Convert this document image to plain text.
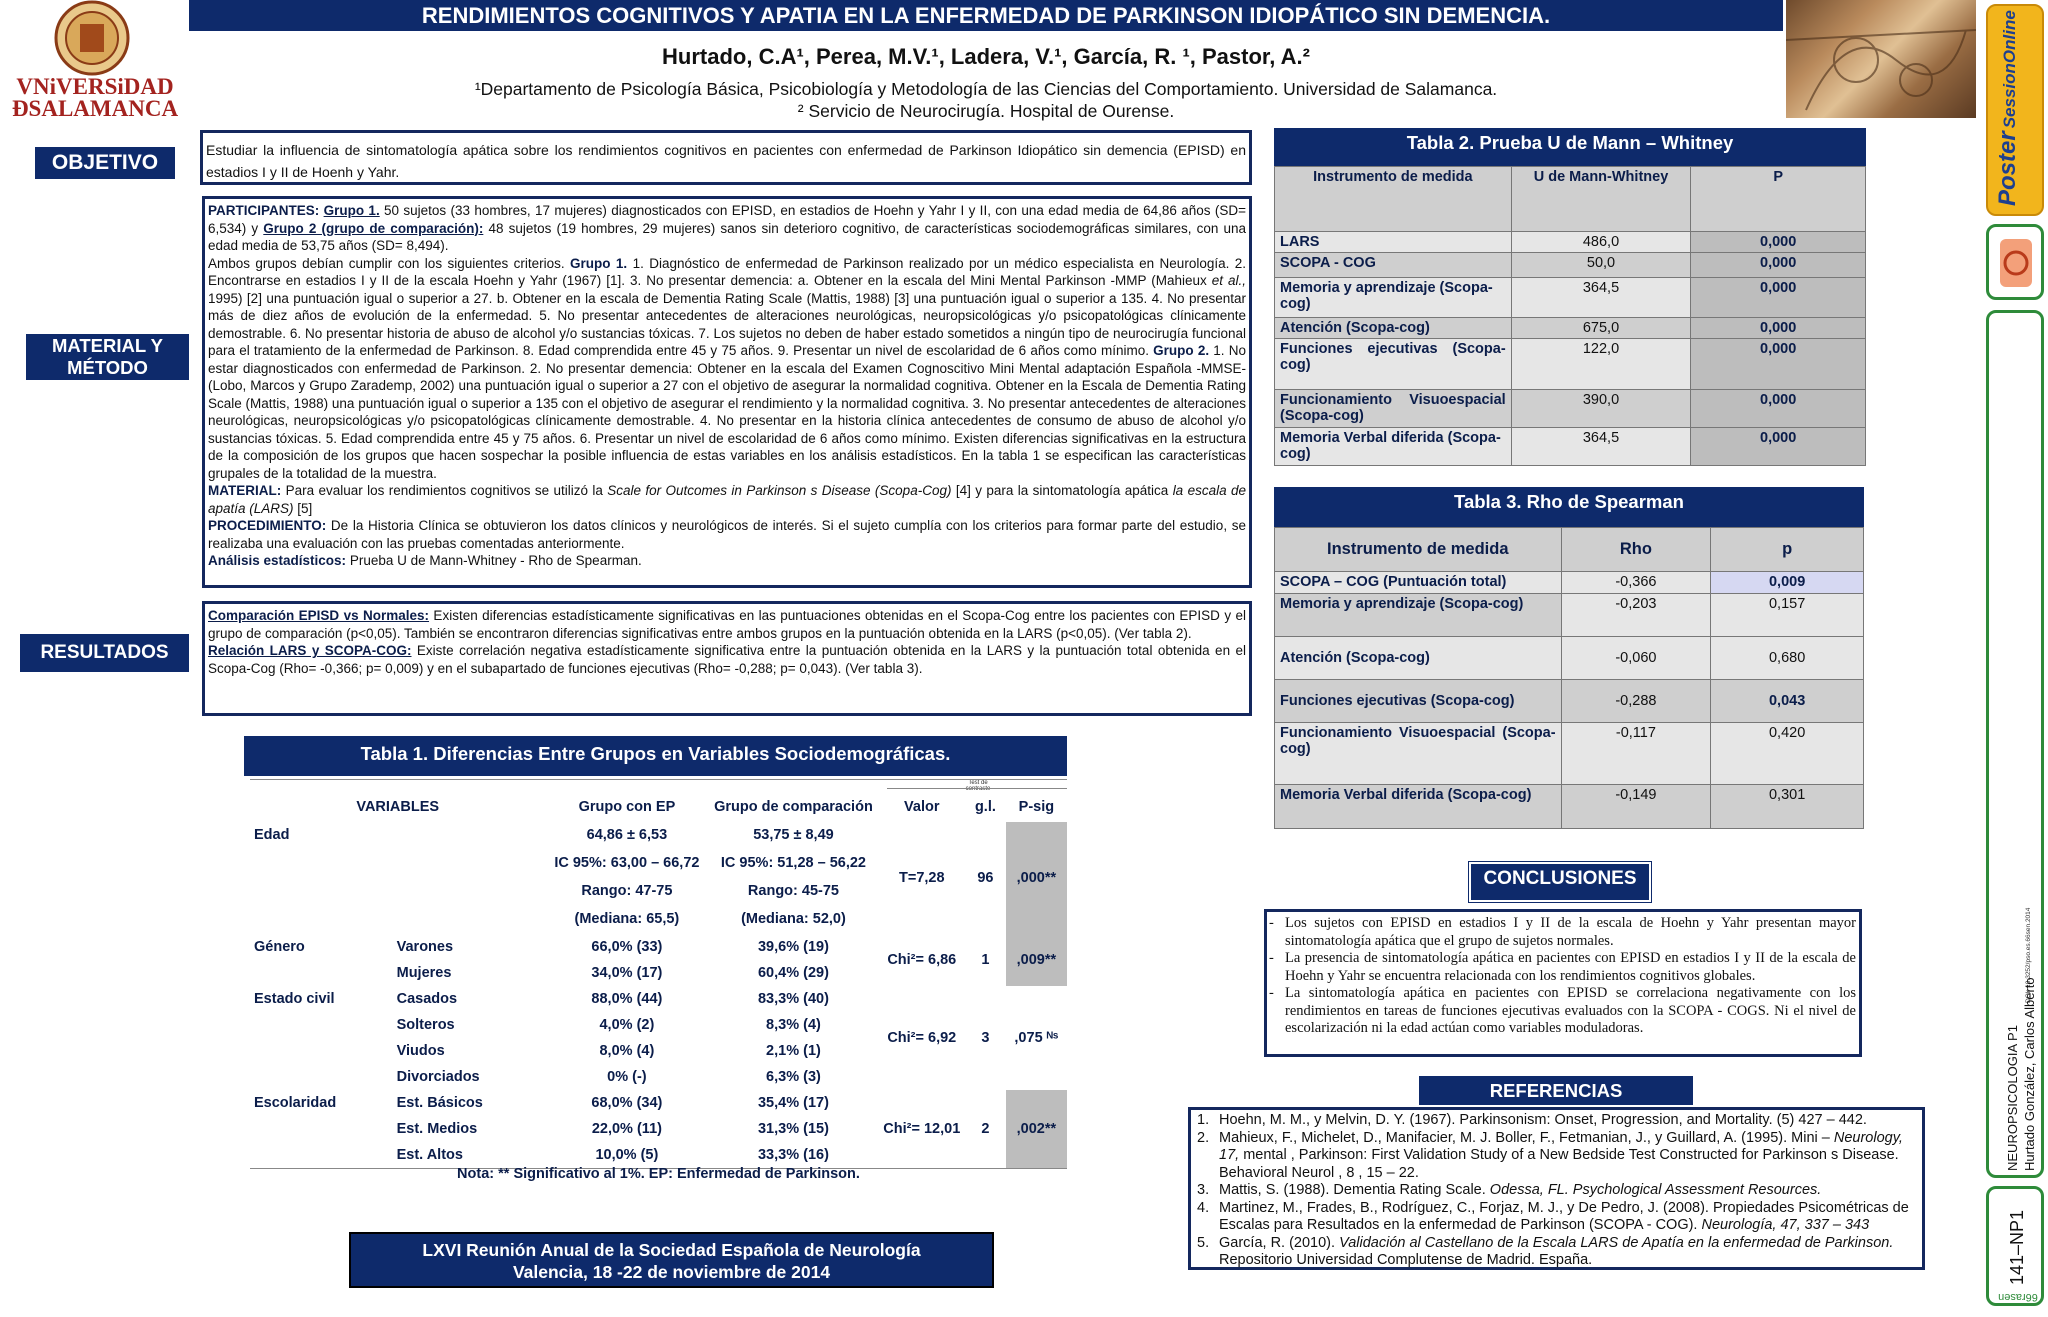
VNiVERSiDAD
ÐSALAMANCA
RENDIMIENTOS COGNITIVOS Y APATIA EN LA ENFERMEDAD DE PARKINSON IDIOPÁTICO SIN DEMENCIA.
Hurtado, C.A¹, Perea, M.V.¹, Ladera, V.¹, García, R. ¹, Pastor, A.²
¹Departamento de Psicología Básica, Psicobiología y Metodología de las Ciencias del Comportamiento. Universidad de Salamanca.
² Servicio de Neurocirugía. Hospital de Ourense.
OBJETIVO
MATERIAL Y
MÉTODO
RESULTADOS
Estudiar la influencia de sintomatología apática sobre los rendimientos cognitivos en pacientes con enfermedad de Parkinson Idiopático sin demencia (EPISD) en estadios I y II de Hoenh y Yahr.
PARTICIPANTES: Grupo 1. 50 sujetos (33 hombres, 17 mujeres) diagnosticados con EPISD, en estadios de Hoehn y Yahr I y II, con una edad media de 64,86 años (SD= 6,534) y Grupo 2 (grupo de comparación): 48 sujetos (19 hombres, 29 mujeres) sanos sin deterioro cognitivo, de características sociodemográficas similares, con una edad media de 53,75 años (SD= 8,494).
Ambos grupos debían cumplir con los siguientes criterios. Grupo 1. 1. Diagnóstico de enfermedad de Parkinson realizado por un médico especialista en Neurología. 2. Encontrarse en estadios I y II de la escala Hoehn y Yahr (1967) [1]. 3. No presentar demencia: a. Obtener en la escala del Mini Mental Parkinson -MMP (Mahieux et al., 1995) [2] una puntuación igual o superior a 27. b. Obtener en la escala de Dementia Rating Scale (Mattis, 1988) [3] una puntuación igual o superior a 135. 4. No presentar más de diez años de evolución de la enfermedad. 5. No presentar antecedentes de alteraciones neurológicas, neuropsicológicas y/o psicopatológicas clínicamente demostrable. 6. No presentar historia de abuso de alcohol y/o sustancias tóxicas. 7. Los sujetos no deben de haber estado sometidos a ningún tipo de neurocirugía funcional para el tratamiento de la enfermedad de Parkinson. 8. Edad comprendida entre 45 y 75 años. 9. Presentar un nivel de escolaridad de 6 años como mínimo. Grupo 2. 1. No estar diagnosticados con enfermedad de Parkinson. 2. No presentar demencia: Obtener en la escala del Examen Cognoscitivo Mini Mental adaptación Española -MMSE- (Lobo, Marcos y Grupo Zarademp, 2002) una puntuación igual o superior a 27 con el objetivo de asegurar la normalidad cognitiva. Obtener en la Escala de Dementia Rating Scale (Mattis, 1988) una puntuación igual o superior a 135 con el objetivo de asegurar el rendimiento y la normalidad cognitiva. 3. No presentar antecedentes de alteraciones neurológicas, neuropsicológicas y/o psicopatológicas clínicamente demostrable. 4. No presentar en la historia clínica antecedentes de consumo de abuso de alcohol y/o sustancias tóxicas. 5. Edad comprendida entre 45 y 75 años. 6. Presentar un nivel de escolaridad de 6 años como mínimo. Existen diferencias significativas en la estructura de la composición de los grupos que hacen sospechar la posible influencia de estas variables en los análisis estadísticos. En la tabla 1 se especifican las características grupales de la totalidad de la muestra.
MATERIAL: Para evaluar los rendimientos cognitivos se utilizó la Scale for Outcomes in Parkinson s Disease (Scopa-Cog) [4] y para la sintomatología apática la escala de apatía (LARS) [5]
PROCEDIMIENTO: De la Historia Clínica se obtuvieron los datos clínicos y neurológicos de interés. Si el sujeto cumplía con los criterios para formar parte del estudio, se realizaba una evaluación con las pruebas comentadas anteriormente.
Análisis estadísticos: Prueba U de Mann-Whitney - Rho de Spearman.
Comparación EPISD vs Normales: Existen diferencias estadísticamente significativas en las puntuaciones obtenidas en el Scopa-Cog entre los pacientes con EPISD y el grupo de comparación (p<0,05). También se encontraron diferencias significativas entre ambos grupos en la puntuación obtenida en la LARS (p<0,05). (Ver tabla 2).
Relación LARS y SCOPA-COG: Existe correlación negativa estadísticamente significativa entre la puntuación obtenida en la LARS y la puntuación total obtenida en el Scopa-Cog (Rho= -0,366; p= 0,009) y en el subapartado de funciones ejecutivas (Rho= -0,288; p= 0,043). (Ver tabla 3).
Tabla 1. Diferencias Entre Grupos en Variables Sociodemográficas.
Test de contraste
VARIABLES		Grupo con EP	Grupo de comparación	Valor	g.l.	P-sig
Edad		64,86 ± 6,53	53,75 ± 8,49	T=7,28	96	,000**
		IC 95%: 63,00 – 66,72	IC 95%: 51,28 – 56,22			
		Rango: 47-75	Rango: 45-75			
		(Mediana: 65,5)	(Mediana: 52,0)			
Género	Varones	66,0% (33)	39,6% (19)	Chi²= 6,86	1	,009**
	Mujeres	34,0% (17)	60,4% (29)			
Estado civil	Casados	88,0% (44)	83,3% (40)	Chi²= 6,92	3	,075 ᴺˢ
	Solteros	4,0% (2)	8,3% (4)			
	Viudos	8,0% (4)	2,1% (1)			
	Divorciados	0% (-)	6,3% (3)			
Escolaridad	Est. Básicos	68,0% (34)	35,4% (17)	Chi²= 12,01	2	,002**
	Est. Medios	22,0% (11)	31,3% (15)			
	Est. Altos	10,0% (5)	33,3% (16)			
Nota: ** Significativo al 1%. EP: Enfermedad de Parkinson.
LXVI Reunión Anual de la Sociedad Española de Neurología
Valencia, 18 -22 de noviembre de 2014
Tabla 2. Prueba U de Mann – Whitney
Instrumento de medida	U de Mann-Whitney	P
LARS	486,0	0,000
SCOPA - COG	50,0	0,000
Memoria y aprendizaje (Scopa-cog)	364,5	0,000
Atención (Scopa-cog)	675,0	0,000
Funciones ejecutivas (Scopa-cog)	122,0	0,000
Funcionamiento Visuoespacial (Scopa-cog)	390,0	0,000
Memoria Verbal diferida (Scopa-cog)	364,5	0,000
Tabla 3. Rho de Spearman
Instrumento de medida	Rho	p
SCOPA – COG (Puntuación total)	-0,366	0,009
Memoria y aprendizaje (Scopa-cog)	-0,203	0,157
Atención (Scopa-cog)	-0,060	0,680
Funciones ejecutivas (Scopa-cog)	-0,288	0,043
Funcionamiento Visuoespacial (Scopa-cog)	-0,117	0,420
Memoria Verbal diferida (Scopa-cog)	-0,149	0,301
CONCLUSIONES
- Los sujetos con EPISD en estadios I y II de la escala de Hoehn y Yahr presentan mayor sintomatología apática que el grupo de sujetos normales.
- La presencia de sintomatología apática en pacientes con EPISD en estadios I y II de la escala de Hoehn y Yahr se encuentra relacionada con los rendimientos cognitivos globales.
- La sintomatología apática en pacientes con EPISD se correlaciona negativamente con los rendimientos en tareas de funciones ejecutivas evaluados con la SCOPA - COGS. Ni el nivel de escolarización ni la edad actúan como variables moduladoras.
REFERENCIAS
1. Hoehn, M. M., y Melvin, D. Y. (1967). Parkinsonism: Onset, Progression, and Mortality. (5) 427 – 442.
2. Mahieux, F., Michelet, D., Manifacier, M. J. Boller, F., Fetmanian, J., y Guillard, A. (1995). Mini – Neurology, 17, mental , Parkinson: First Validation Study of a New Bedside Test Constructed for Parkinson s Disease. Behavioral Neurol , 8 , 15 – 22.
3. Mattis, S. (1988). Dementia Rating Scale. Odessa, FL. Psychological Assessment Resources.
4. Martinez, M., Frades, B., Rodríguez, C., Forjaz, M. J., y De Pedro, J. (2008). Propiedades Psicométricas de Escalas para Resultados en la enfermedad de Parkinson (SCOPA - COG). Neurología, 47, 337 – 343
5. García, R. (2010). Validación al Castellano de la Escala LARS de Apatía en la enfermedad de Parkinson. Repositorio Universidad Complutense de Madrid. España.
PosterSessionOnline
DOI: 10.3252/pso.es.66sen.2014
NEUROPSICOLOGIA P1 Hurtado González, Carlos Alberto
141–NP1
66rasen
